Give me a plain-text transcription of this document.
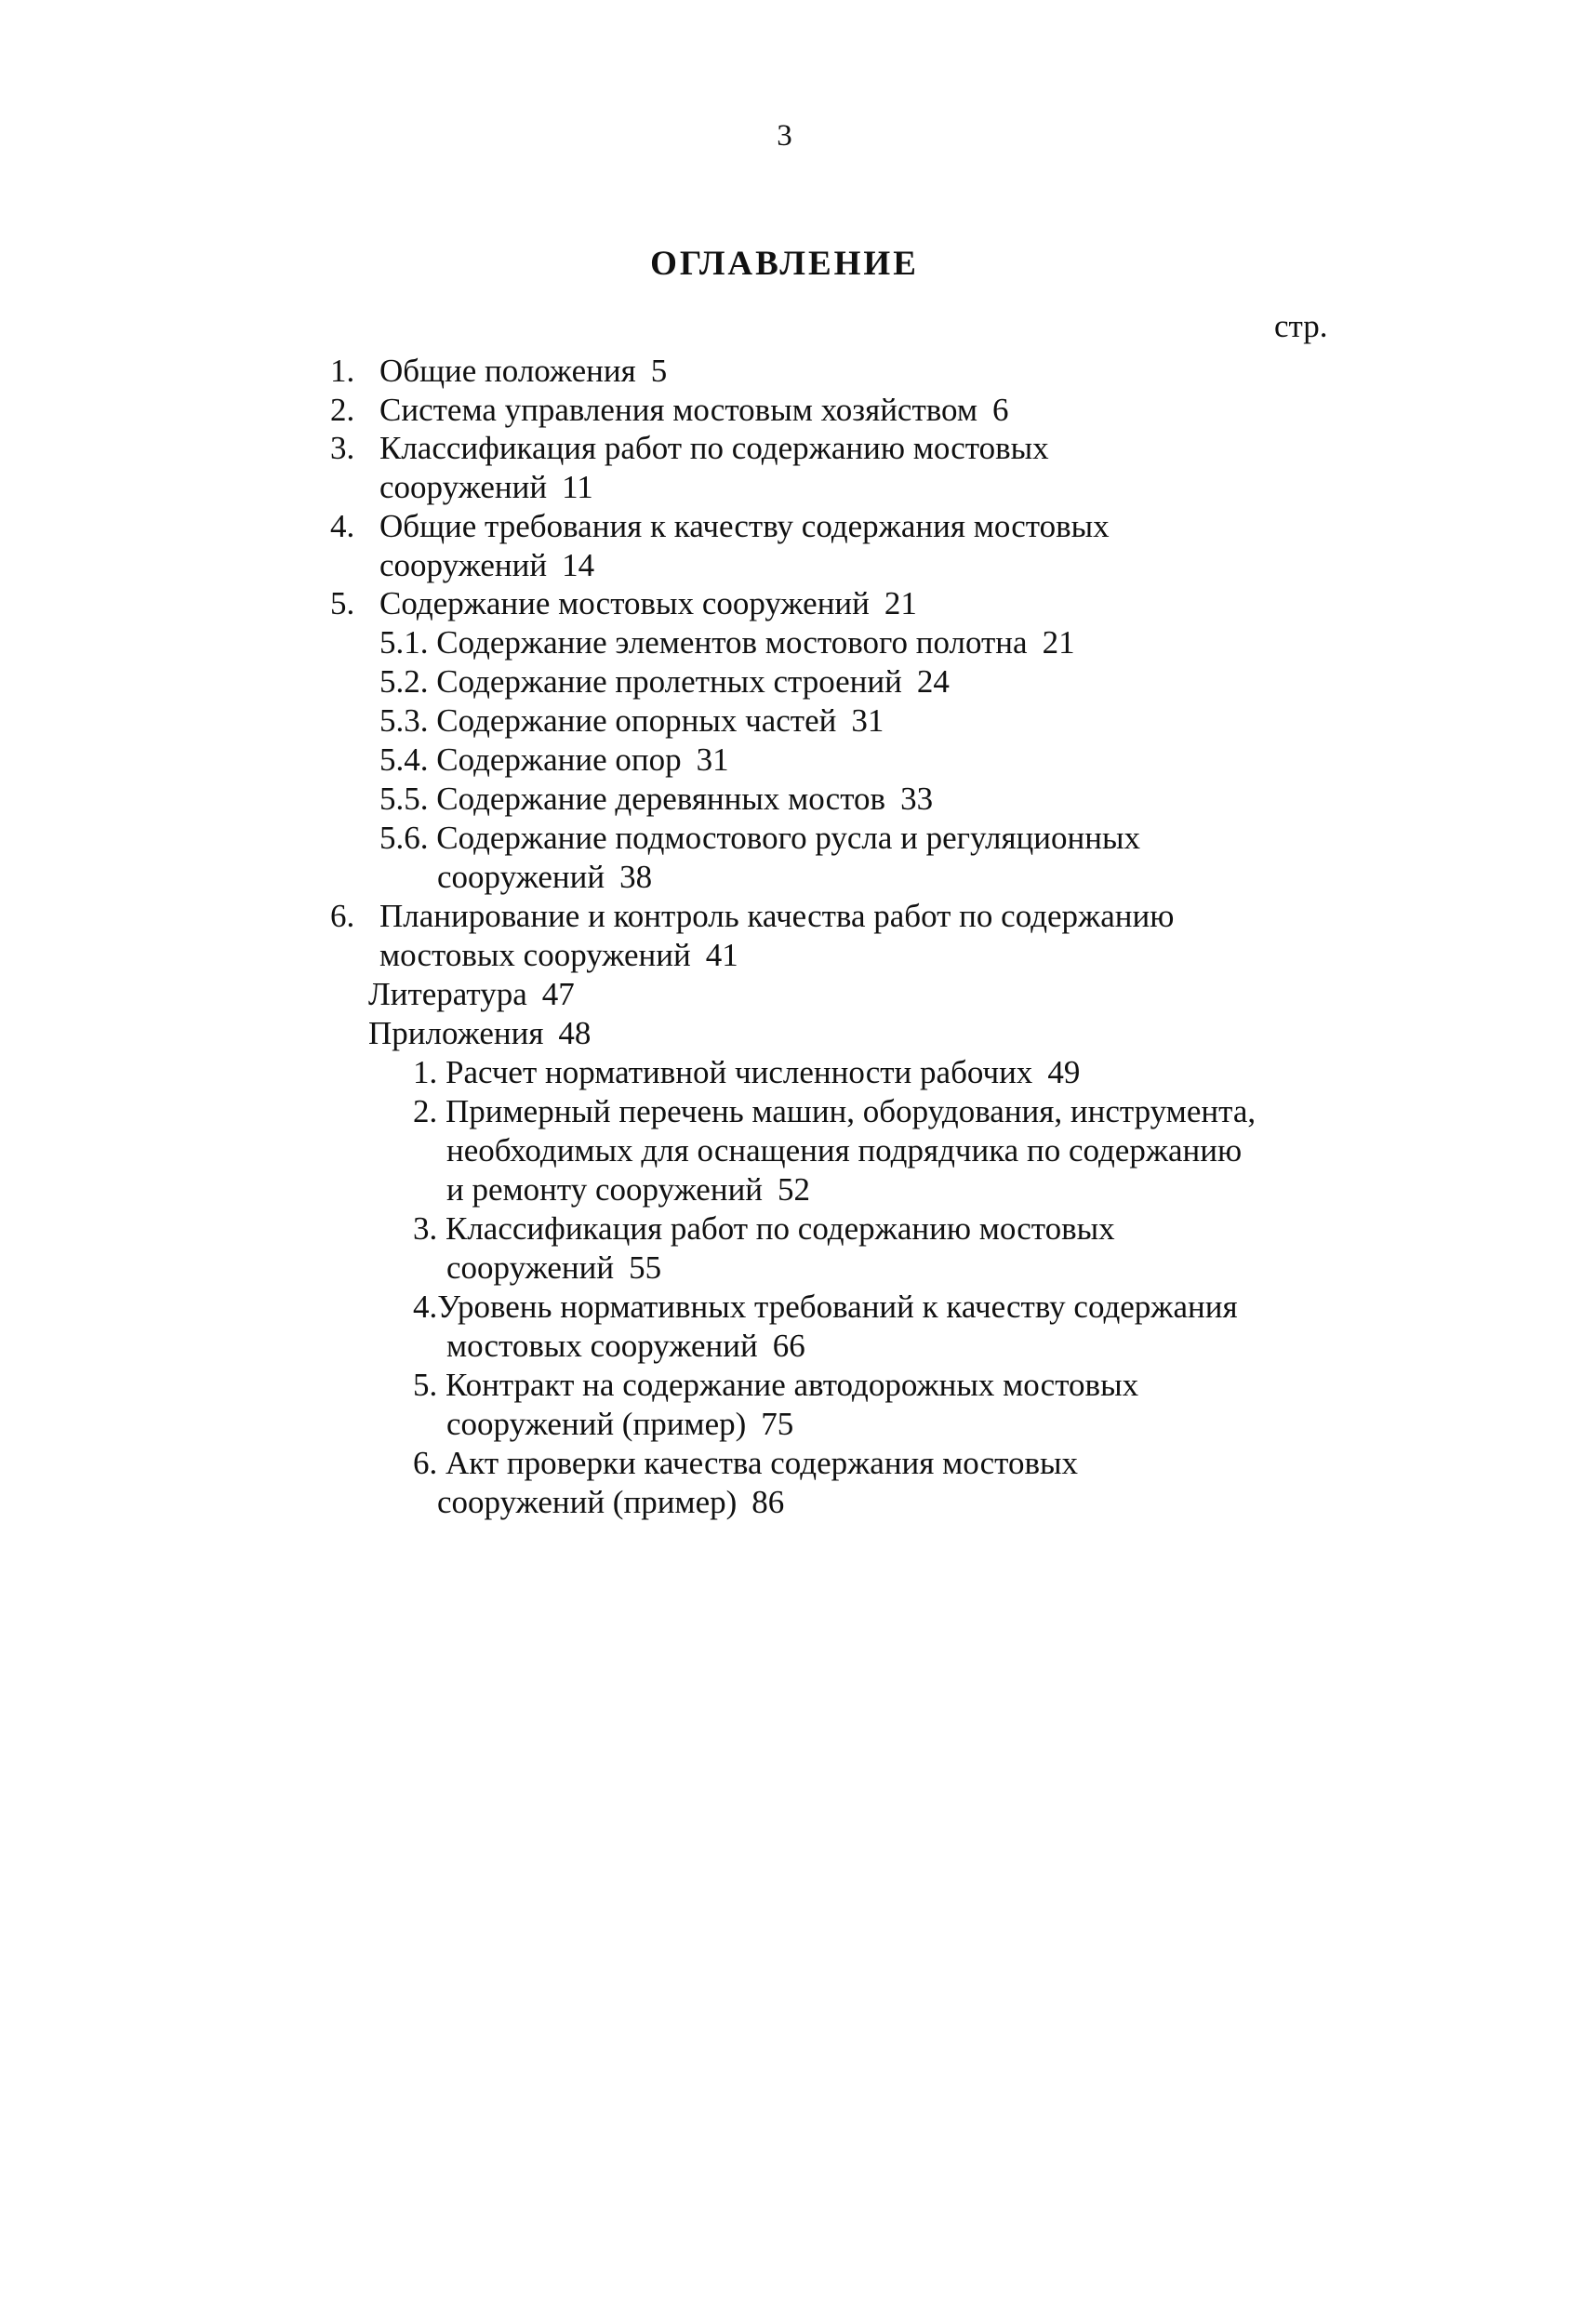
3
ОГЛАВЛЕНИЕ
стр.
1. Общие положения 5
2. Система управления мостовым хозяйством 6
3. Классификация работ по содержанию мостовых
сооружений 11
4. Общие требования к качеству содержания мостовых
сооружений 14
5. Содержание мостовых сооружений 21
5.1. Содержание элементов мостового полотна 21
5.2. Содержание пролетных строений 24
5.3. Содержание опорных частей 31
5.4. Содержание опор 31
5.5. Содержание деревянных мостов 33
5.6. Содержание подмостового русла и регуляционных
сооружений 38
6. Планирование и контроль качества работ по содержанию
мостовых сооружений 41
Литература 47
Приложения 48
1. Расчет нормативной численности рабочих 49
2. Примерный перечень машин, оборудования, инструмента,
необходимых для оснащения подрядчика по содержанию
и ремонту сооружений 52
3. Классификация работ по содержанию мостовых
сооружений 55
4.Уровень нормативных требований к качеству содержания
мостовых сооружений 66
5. Контракт на содержание автодорожных мостовых
сооружений (пример) 75
6. Акт проверки качества содержания мостовых
сооружений (пример) 86
